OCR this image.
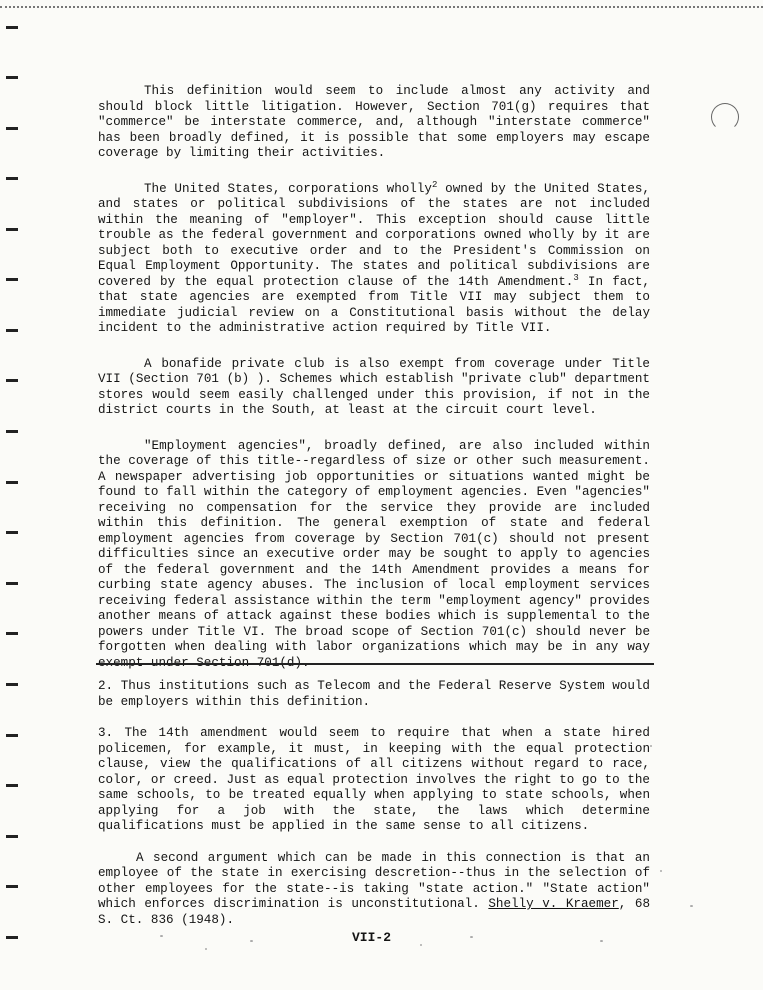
This definition would seem to include almost any activity and should block little litigation. However, Section 701(g) requires that "commerce" be interstate commerce, and, although "interstate commerce" has been broadly defined, it is possible that some employers may escape coverage by limiting their activities.

The United States, corporations wholly$^2$ owned by the United States, and states or political subdivisions of the states are not included within the meaning of "employer". This exception should cause little trouble as the federal government and corporations owned wholly by it are subject both to executive order and to the President's Commission on Equal Employment Opportunity. The states and political subdivisions are covered by the equal protection clause of the 14th Amendment.$^3$ In fact, that state agencies are exempted from Title VII may subject them to immediate judicial review on a Constitutional basis without the delay incident to the administrative action required by Title VII.

A bonafide private club is also exempt from coverage under Title VII (Section 701 (b) ). Schemes which establish "private club" department stores would seem easily challenged under this provision, if not in the district courts in the South, at least at the circuit court level.

"Employment agencies", broadly defined, are also included within the coverage of this title--regardless of size or other such measurement. A newspaper advertising job opportunities or situations wanted might be found to fall within the category of employment agencies. Even "agencies" receiving no compensation for the service they provide are included within this definition. The general exemption of state and federal employment agencies from coverage by Section 701(c) should not present difficulties since an executive order may be sought to apply to agencies of the federal government and the 14th Amendment provides a means for curbing state agency abuses. The inclusion of local employment services receiving federal assistance within the term "employment agency" provides another means of attack against these bodies which is supplemental to the powers under Title VI. The broad scope of Section 701(c) should never be forgotten when dealing with labor organizations which may be in any way exempt under Section 701(d).

2. Thus institutions such as Telecom and the Federal Reserve System would be employers within this definition.

3. The 14th amendment would seem to require that when a state hired policemen, for example, it must, in keeping with the equal protection clause, view the qualifications of all citizens without regard to race, color, or creed. Just as equal protection involves the right to go to the same schools, to be treated equally when applying to state schools, when applying for a job with the state, the laws which determine qualifications must be applied in the same sense to all citizens.

A second argument which can be made in this connection is that an employee of the state in exercising descretion--thus in the selection of other employees for the state--is taking "state action." "State action" which enforces discrimination is unconstitutional. Shelly v. Kraemer, 68 S. Ct. 836 (1948).

VII-2
